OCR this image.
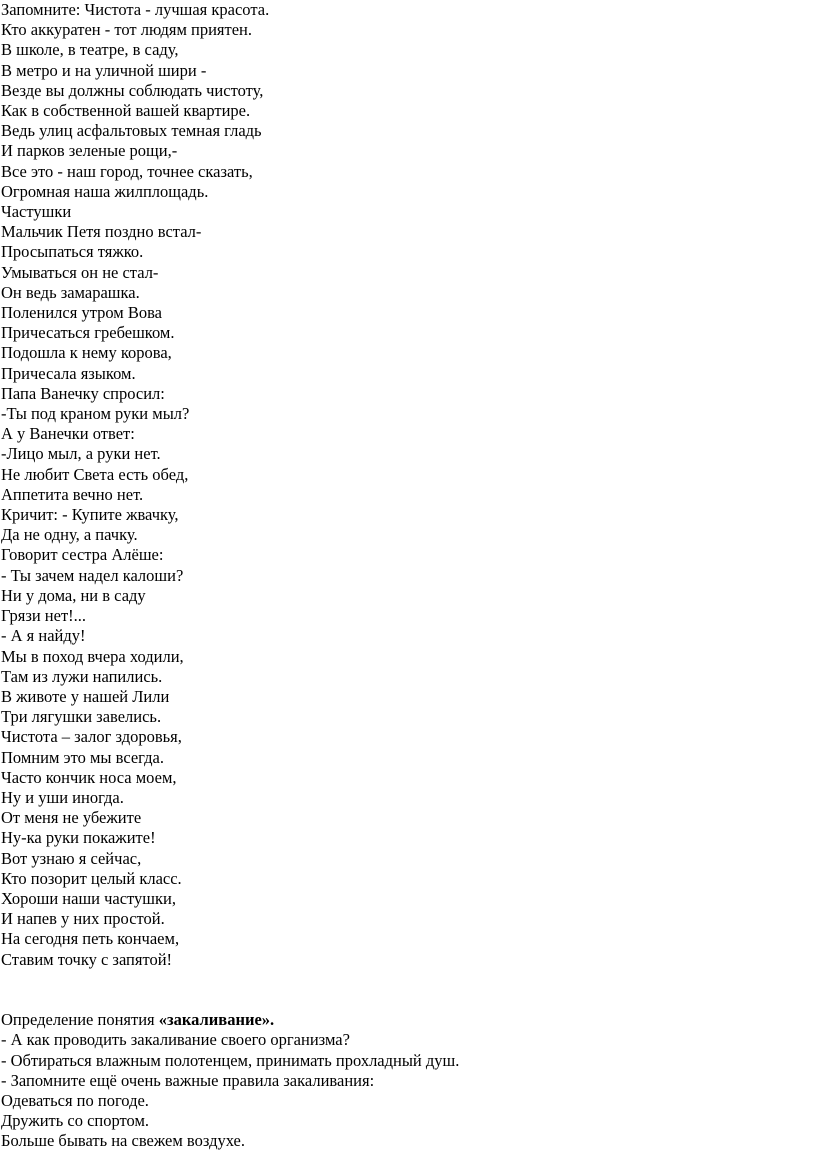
Запомните: Чистота - лучшая красота.
Кто аккуратен - тот людям приятен.
В школе, в театре, в саду,
В метро и на уличной шири -
Везде вы должны соблюдать чистоту,
Как в собственной вашей квартире.
Ведь улиц асфальтовых темная гладь
И парков зеленые рощи,-
Все это - наш город, точнее сказать,
Огромная наша жилплощадь.
Частушки
Мальчик Петя поздно встал-
Просыпаться тяжко.
Умываться он не стал-
Он ведь замарашка.
Поленился утром Вова
Причесаться гребешком.
Подошла к нему корова,
Причесала языком.
Папа Ванечку спросил:
-Ты под краном руки мыл?
А у Ванечки ответ:
-Лицо мыл, а руки нет.
Не любит Света есть обед,
Аппетита вечно нет.
Кричит: - Купите жвачку,
Да не одну, а пачку.
Говорит сестра Алёше:
- Ты зачем надел калоши?
Ни у дома, ни в саду
Грязи нет!...
- А я найду!
Мы в поход вчера ходили,
Там из лужи напились.
В животе у нашей Лили
Три лягушки завелись.
Чистота – залог здоровья,
Помним это мы всегда.
Часто кончик носа моем,
Ну и уши иногда.
От меня не убежите
Ну-ка руки покажите!
Вот узнаю я сейчас,
Кто позорит целый класс.
Хороши наши частушки,
И напев у них простой.
На сегодня петь кончаем,
Ставим точку с запятой!
Определение понятия «закаливание».
- А как проводить закаливание своего организма?
- Обтираться влажным полотенцем, принимать прохладный душ.
- Запомните ещё очень важные правила закаливания:
Одеваться по погоде.
Дружить со спортом.
Больше бывать на свежем воздухе.
